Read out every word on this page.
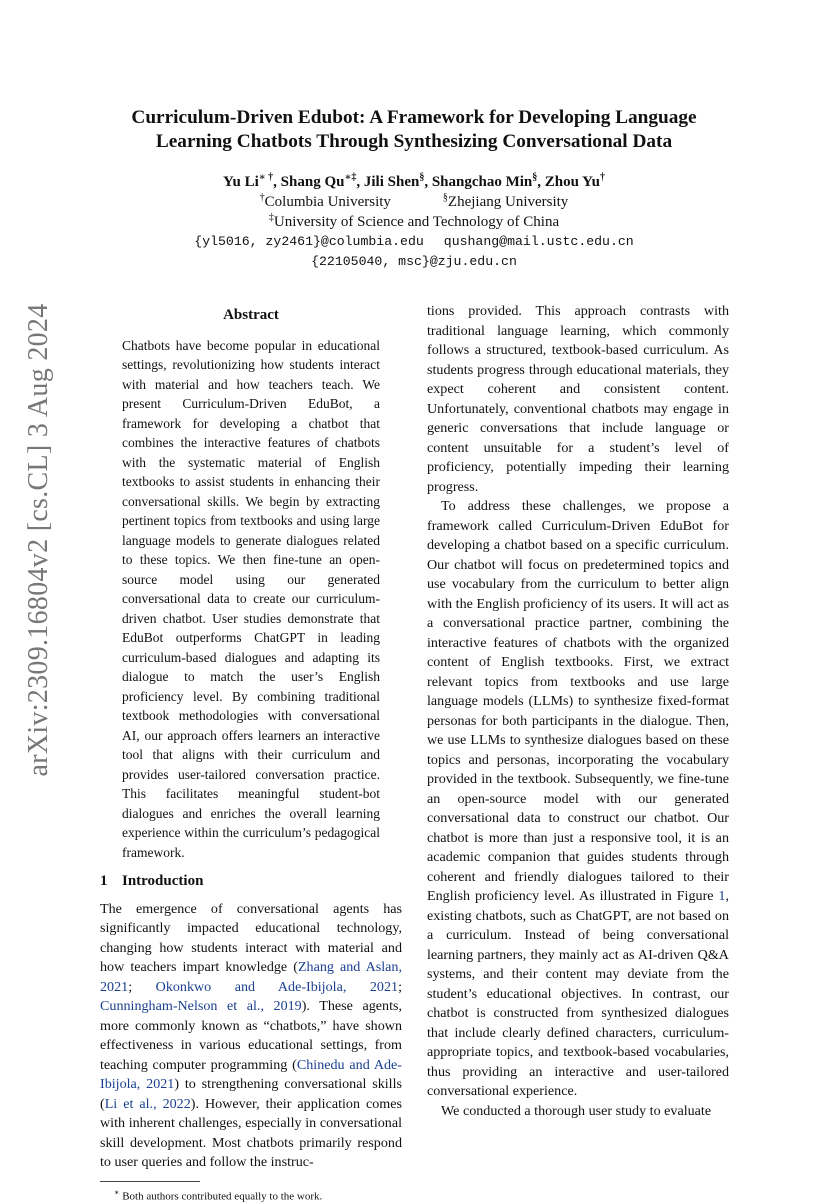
arXiv:2309.16804v2 [cs.CL] 3 Aug 2024
Curriculum-Driven Edubot: A Framework for Developing Language
Learning Chatbots Through Synthesizing Conversational Data
Yu Li∗ †, Shang Qu∗‡, Jili Shen§, Shangchao Min§, Zhou Yu†
†Columbia University	§Zhejiang University
‡University of Science and Technology of China
{yl5016, zy2461}@columbia.edu qushang@mail.ustc.edu.cn
{22105040, msc}@zju.edu.cn
Abstract

Chatbots have become popular in educational settings, revolutionizing how students interact with material and how teachers teach. We present Curriculum-Driven EduBot, a framework for developing a chatbot that combines the interactive features of chatbots with the systematic material of English textbooks to assist students in enhancing their conversational skills. We begin by extracting pertinent topics from textbooks and using large language models to generate dialogues related to these topics. We then fine-tune an open-source model using our generated conversational data to create our curriculum-driven chatbot. User studies demonstrate that EduBot outperforms ChatGPT in leading curriculum-based dialogues and adapting its dialogue to match the user’s English proficiency level. By combining traditional textbook methodologies with conversational AI, our approach offers learners an interactive tool that aligns with their curriculum and provides user-tailored conversation practice. This facilitates meaningful student-bot dialogues and enriches the overall learning experience within the curriculum’s pedagogical framework.

1 Introduction

The emergence of conversational agents has significantly impacted educational technology, changing how students interact with material and how teachers impart knowledge (Zhang and Aslan, 2021; Okonkwo and Ade-Ibijola, 2021; Cunningham-Nelson et al., 2019). These agents, more commonly known as “chatbots,” have shown effectiveness in various educational settings, from teaching computer programming (Chinedu and Ade-Ibijola, 2021) to strengthening conversational skills (Li et al., 2022). However, their application comes with inherent challenges, especially in conversational skill development. Most chatbots primarily respond to user queries and follow the instruc-

∗ Both authors contributed equally to the work.

tions provided. This approach contrasts with traditional language learning, which commonly follows a structured, textbook-based curriculum. As students progress through educational materials, they expect coherent and consistent content. Unfortunately, conventional chatbots may engage in generic conversations that include language or content unsuitable for a student’s level of proficiency, potentially impeding their learning progress.

To address these challenges, we propose a framework called Curriculum-Driven EduBot for developing a chatbot based on a specific curriculum. Our chatbot will focus on predetermined topics and use vocabulary from the curriculum to better align with the English proficiency of its users. It will act as a conversational practice partner, combining the interactive features of chatbots with the organized content of English textbooks. First, we extract relevant topics from textbooks and use large language models (LLMs) to synthesize fixed-format personas for both participants in the dialogue. Then, we use LLMs to synthesize dialogues based on these topics and personas, incorporating the vocabulary provided in the textbook. Subsequently, we fine-tune an open-source model with our generated conversational data to construct our chatbot. Our chatbot is more than just a responsive tool, it is an academic companion that guides students through coherent and friendly dialogues tailored to their English proficiency level. As illustrated in Figure 1, existing chatbots, such as ChatGPT, are not based on a curriculum. Instead of being conversational learning partners, they mainly act as AI-driven Q&A systems, and their content may deviate from the student’s educational objectives. In contrast, our chatbot is constructed from synthesized dialogues that include clearly defined characters, curriculum-appropriate topics, and textbook-based vocabularies, thus providing an interactive and user-tailored conversational experience.

We conducted a thorough user study to evaluate
